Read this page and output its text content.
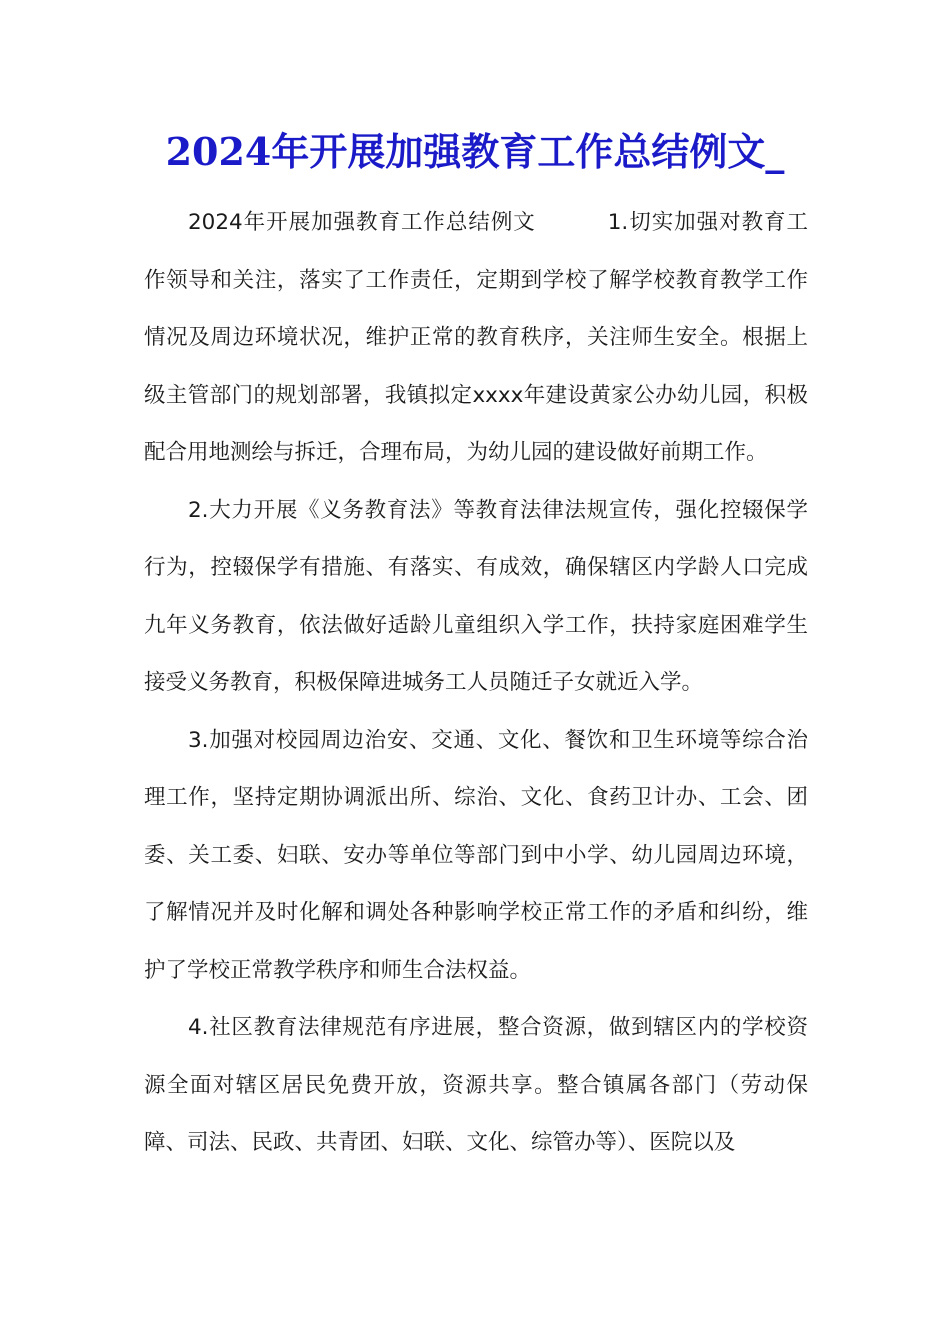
2024年开展加强教育工作总结例文_

2024年开展加强教育工作总结例文	1.切实加强对教育工作领导和关注，落实了工作责任，定期到学校了解学校教育教学工作情况及周边环境状况，维护正常的教育秩序，关注师生安全。根据上级主管部门的规划部署，我镇拟定xxxx年建设黄家公办幼儿园，积极配合用地测绘与拆迁，合理布局，为幼儿园的建设做好前期工作。

2.大力开展《义务教育法》等教育法律法规宣传，强化控辍保学行为，控辍保学有措施、有落实、有成效，确保辖区内学龄人口完成九年义务教育，依法做好适龄儿童组织入学工作，扶持家庭困难学生接受义务教育，积极保障进城务工人员随迁子女就近入学。

3.加强对校园周边治安、交通、文化、餐饮和卫生环境等综合治理工作，坚持定期协调派出所、综治、文化、食药卫计办、工会、团委、关工委、妇联、安办等单位等部门到中小学、幼儿园周边环境，了解情况并及时化解和调处各种影响学校正常工作的矛盾和纠纷，维护了学校正常教学秩序和师生合法权益。

4.社区教育法律规范有序进展，整合资源，做到辖区内的学校资源全面对辖区居民免费开放，资源共享。整合镇属各部门（劳动保障、司法、民政、共青团、妇联、文化、综管办等）、医院以及
